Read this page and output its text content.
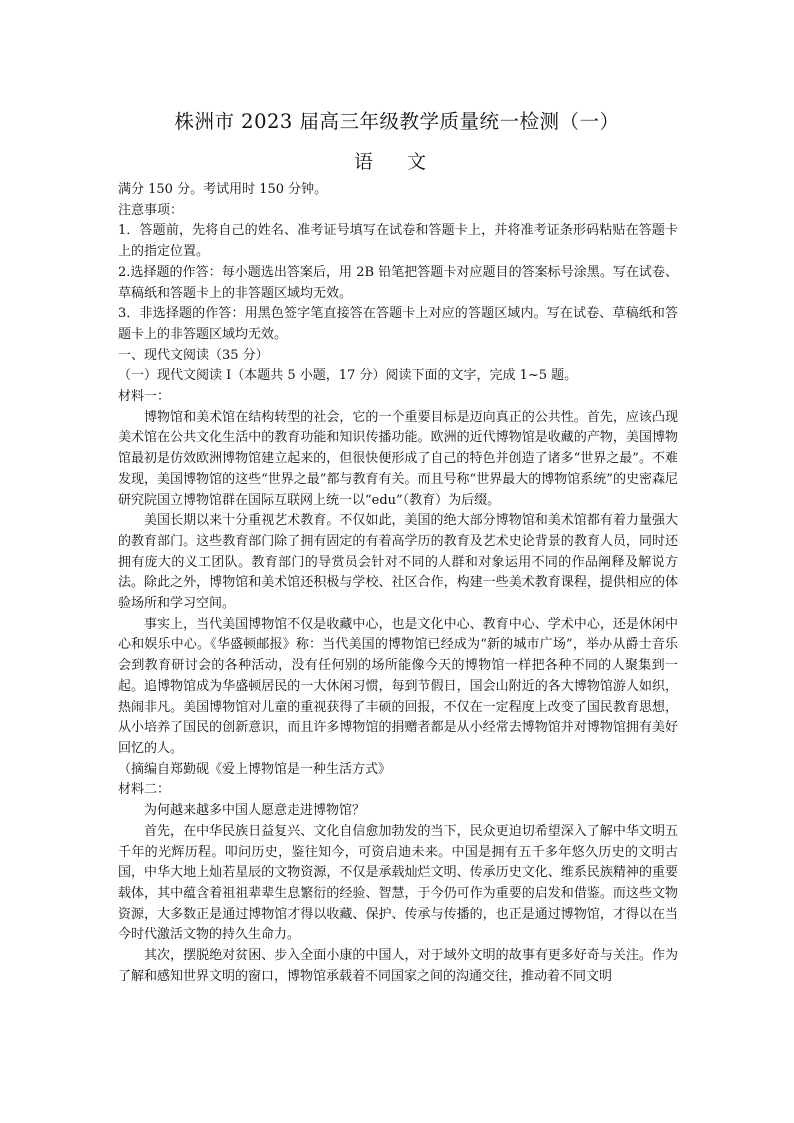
株洲市 2023 届高三年级教学质量统一检测（一）
语 文

满分 150 分。考试用时 150 分钟。

注意事项：

1．答题前，先将自己的姓名、准考证号填写在试卷和答题卡上，并将准考证条形码粘贴在答题卡上的指定位置。

2.选择题的作答：每小题选出答案后，用 2B 铅笔把答题卡对应题目的答案标号涂黑。写在试卷、草稿纸和答题卡上的非答题区域均无效。

3．非选择题的作答：用黑色签字笔直接答在答题卡上对应的答题区域内。写在试卷、草稿纸和答题卡上的非答题区域均无效。

一、现代文阅读（35 分）

（一）现代文阅读 I（本题共 5 小题，17 分）阅读下面的文字，完成 1~5 题。

材料一：

博物馆和美术馆在结构转型的社会，它的一个重要目标是迈向真正的公共性。首先，应该凸现美术馆在公共文化生活中的教育功能和知识传播功能。欧洲的近代博物馆是收藏的产物，美国博物馆最初是仿效欧洲博物馆建立起来的，但很快便形成了自己的特色并创造了诸多“世界之最”。不难发现，美国博物馆的这些“世界之最”都与教育有关。而且号称“世界最大的博物馆系统”的史密森尼研究院国立博物馆群在国际互联网上统一以“edu”（教育）为后缀。

美国长期以来十分重视艺术教育。不仅如此，美国的绝大部分博物馆和美术馆都有着力量强大的教育部门。这些教育部门除了拥有固定的有着高学历的教育及艺术史论背景的教育人员，同时还拥有庞大的义工团队。教育部门的导赏员会针对不同的人群和对象运用不同的作品阐释及解说方法。除此之外，博物馆和美术馆还积极与学校、社区合作，构建一些美术教育课程，提供相应的体验场所和学习空间。

事实上，当代美国博物馆不仅是收藏中心，也是文化中心、教育中心、学术中心，还是休闲中心和娱乐中心。《华盛顿邮报》称：当代美国的博物馆已经成为“新的城市广场”，举办从爵士音乐会到教育研讨会的各种活动，没有任何别的场所能像今天的博物馆一样把各种不同的人聚集到一起。追博物馆成为华盛顿居民的一大休闲习惯，每到节假日，国会山附近的各大博物馆游人如织，热闹非凡。美国博物馆对儿童的重视获得了丰硕的回报，不仅在一定程度上改变了国民教育思想，从小培养了国民的创新意识，而且许多博物馆的捐赠者都是从小经常去博物馆并对博物馆拥有美好回忆的人。

（摘编自郑勤砚《爱上博物馆是一种生活方式》

材料二：

为何越来越多中国人愿意走进博物馆？

首先，在中华民族日益复兴、文化自信愈加勃发的当下，民众更迫切希望深入了解中华文明五千年的光辉历程。叩问历史，鉴往知今，可资启迪未来。中国是拥有五千多年悠久历史的文明古国，中华大地上灿若星辰的文物资源，不仅是承载灿烂文明、传承历史文化、维系民族精神的重要载体，其中蕴含着祖祖辈辈生息繁衍的经验、智慧，于今仍可作为重要的启发和借鉴。而这些文物资源，大多数正是通过博物馆才得以收藏、保护、传承与传播的，也正是通过博物馆，才得以在当今时代激活文物的持久生命力。

其次，摆脱绝对贫困、步入全面小康的中国人，对于域外文明的故事有更多好奇与关注。作为了解和感知世界文明的窗口，博物馆承载着不同国家之间的沟通交往，推动着不同文明
